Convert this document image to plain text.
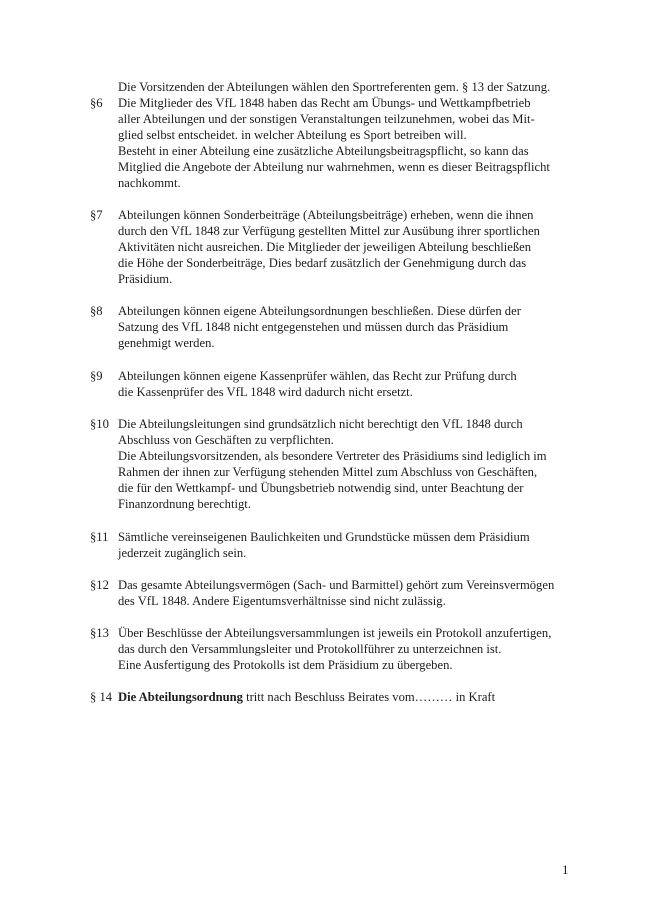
Die Vorsitzenden der Abteilungen wählen den Sportreferenten gem. § 13 der Satzung.
§6 Die Mitglieder des VfL 1848 haben das Recht am Übungs- und Wettkampfbetrieb
aller Abteilungen und der sonstigen Veranstaltungen teilzunehmen, wobei das Mit-
glied selbst entscheidet. in welcher Abteilung es Sport betreiben will.
Besteht in einer Abteilung eine zusätzliche Abteilungsbeitragspflicht, so kann das
Mitglied die Angebote der Abteilung nur wahrnehmen, wenn es dieser Beitragspflicht
nachkommt.
§7 Abteilungen können Sonderbeiträge (Abteilungsbeiträge) erheben, wenn die ihnen
durch den VfL 1848 zur Verfügung gestellten Mittel zur Ausübung ihrer sportlichen
Aktivitäten nicht ausreichen. Die Mitglieder der jeweiligen Abteilung beschließen
die Höhe der Sonderbeiträge, Dies bedarf zusätzlich der Genehmigung durch das
Präsidium.
§8 Abteilungen können eigene Abteilungsordnungen beschließen. Diese dürfen der
Satzung des VfL 1848 nicht entgegenstehen und müssen durch das Präsidium
genehmigt werden.
§9 Abteilungen können eigene Kassenprüfer wählen, das Recht zur Prüfung durch
die Kassenprüfer des VfL 1848 wird dadurch nicht ersetzt.
§10 Die Abteilungsleitungen sind grundsätzlich nicht berechtigt den VfL 1848 durch
Abschluss von Geschäften zu verpflichten.
Die Abteilungsvorsitzenden, als besondere Vertreter des Präsidiums sind lediglich im
Rahmen der ihnen zur Verfügung stehenden Mittel zum Abschluss von Geschäften,
die für den Wettkampf- und Übungsbetrieb notwendig sind, unter Beachtung der
Finanzordnung berechtigt.
§11 Sämtliche vereinseigenen Baulichkeiten und Grundstücke müssen dem Präsidium
jederzeit zugänglich sein.
§12 Das gesamte Abteilungsvermögen (Sach- und Barmittel) gehört zum Vereinsvermögen
des VfL 1848. Andere Eigentumsverhältnisse sind nicht zulässig.
§13 Über Beschlüsse der Abteilungsversammlungen ist jeweils ein Protokoll anzufertigen,
das durch den Versammlungsleiter und Protokollführer zu unterzeichnen ist.
Eine Ausfertigung des Protokolls ist dem Präsidium zu übergeben.
§ 14 Die Abteilungsordnung tritt nach Beschluss Beirates vom……… in Kraft
1
